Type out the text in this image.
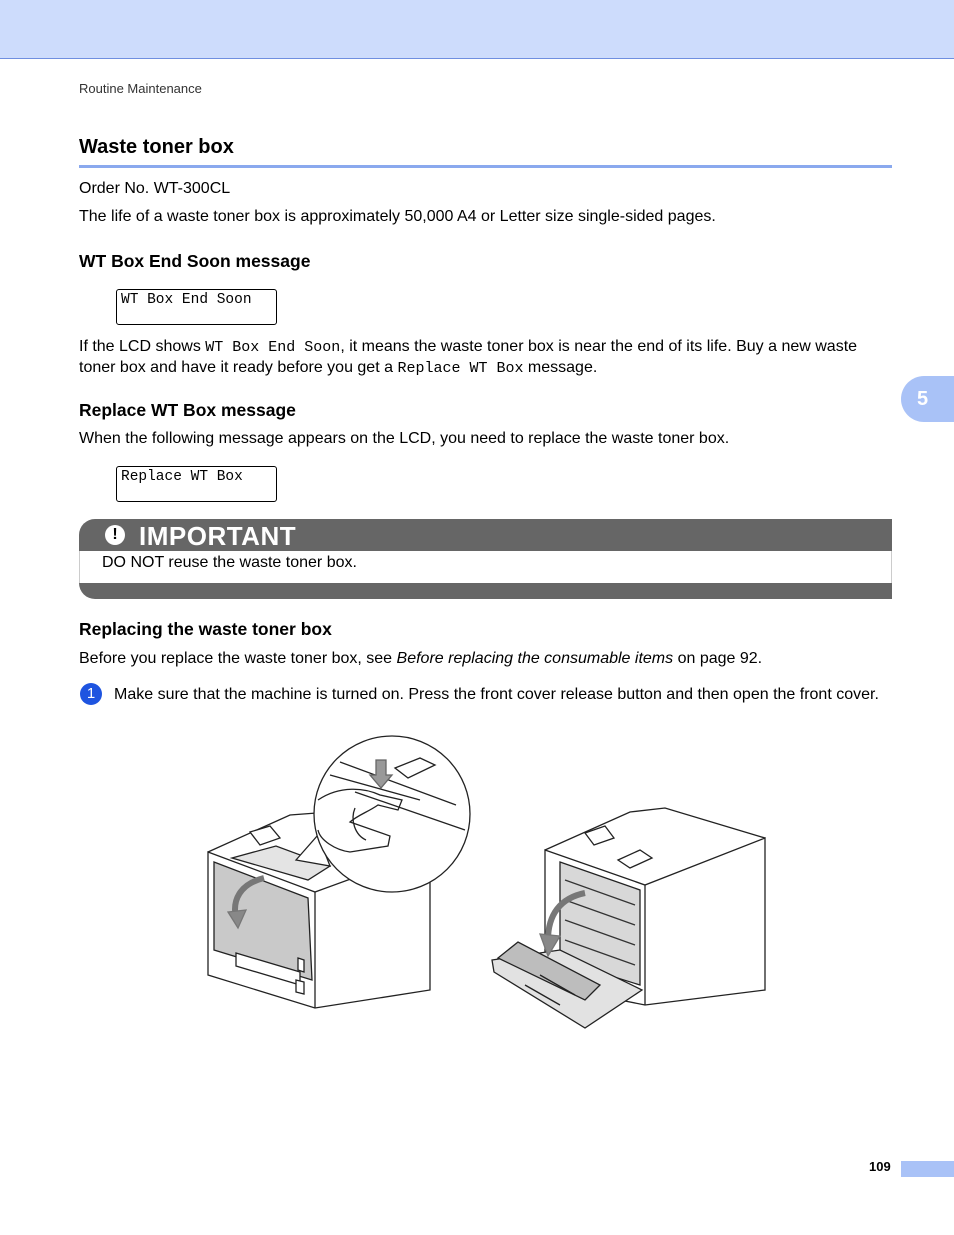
Routine Maintenance
Waste toner box
Order No. WT-300CL
The life of a waste toner box is approximately 50,000 A4 or Letter size single-sided pages.
WT Box End Soon message
WT Box End Soon
If the LCD shows WT Box End Soon, it means the waste toner box is near the end of its life. Buy a new waste toner box and have it ready before you get a Replace WT Box message.
5
Replace WT Box message
When the following message appears on the LCD, you need to replace the waste toner box.
Replace WT Box
! IMPORTANT
DO NOT reuse the waste toner box.
Replacing the waste toner box
Before you replace the waste toner box, see Before replacing the consumable items on page 92.
1	Make sure that the machine is turned on. Press the front cover release button and then open the front cover.
109
